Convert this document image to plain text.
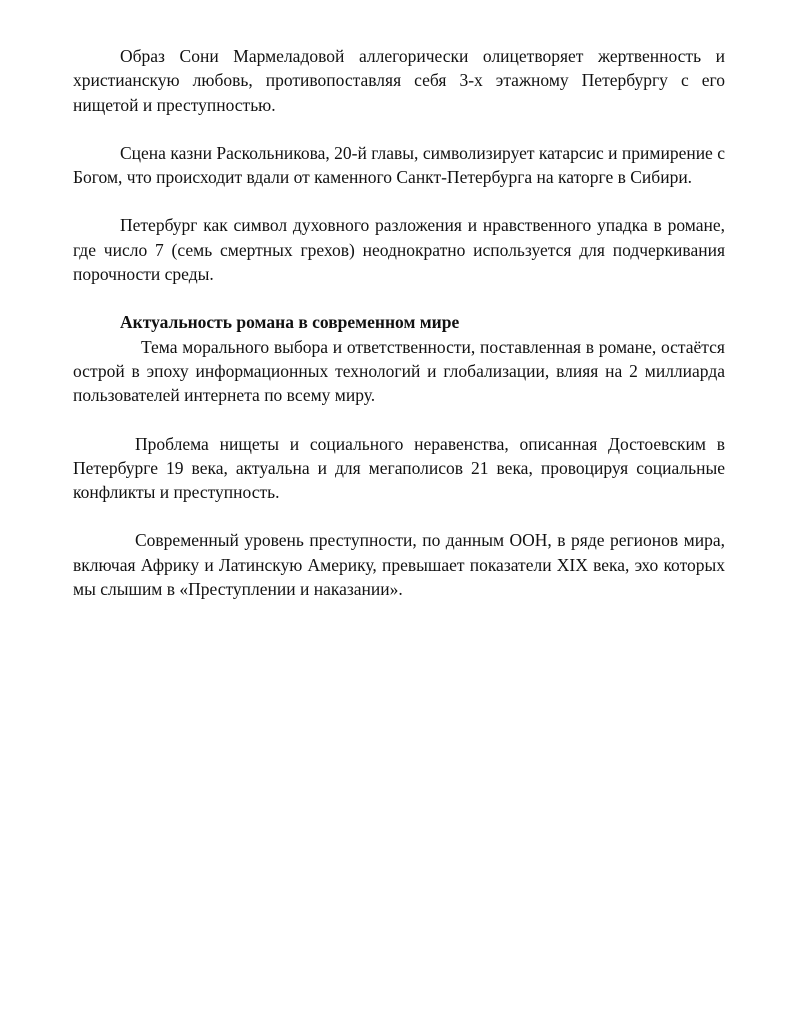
Образ Сони Мармеладовой аллегорически олицетворяет жертвенность и христианскую любовь, противопоставляя себя 3-х этажному Петербургу с его нищетой и преступностью.

Сцена казни Раскольникова, 20-й главы, символизирует катарсис и примирение с Богом, что происходит вдали от каменного Санкт-Петербурга на каторге в Сибири.

Петербург как символ духовного разложения и нравственного упадка в романе, где число 7 (семь смертных грехов) неоднократно используется для подчеркивания порочности среды.

Актуальность романа в современном мире

Тема морального выбора и ответственности, поставленная в романе, остаётся острой в эпоху информационных технологий и глобализации, влияя на 2 миллиарда пользователей интернета по всему миру.

Проблема нищеты и социального неравенства, описанная Достоевским в Петербурге 19 века, актуальна и для мегаполисов 21 века, провоцируя социальные конфликты и преступность.

Современный уровень преступности, по данным ООН, в ряде регионов мира, включая Африку и Латинскую Америку, превышает показатели XIX века, эхо которых мы слышим в «Преступлении и наказании».
